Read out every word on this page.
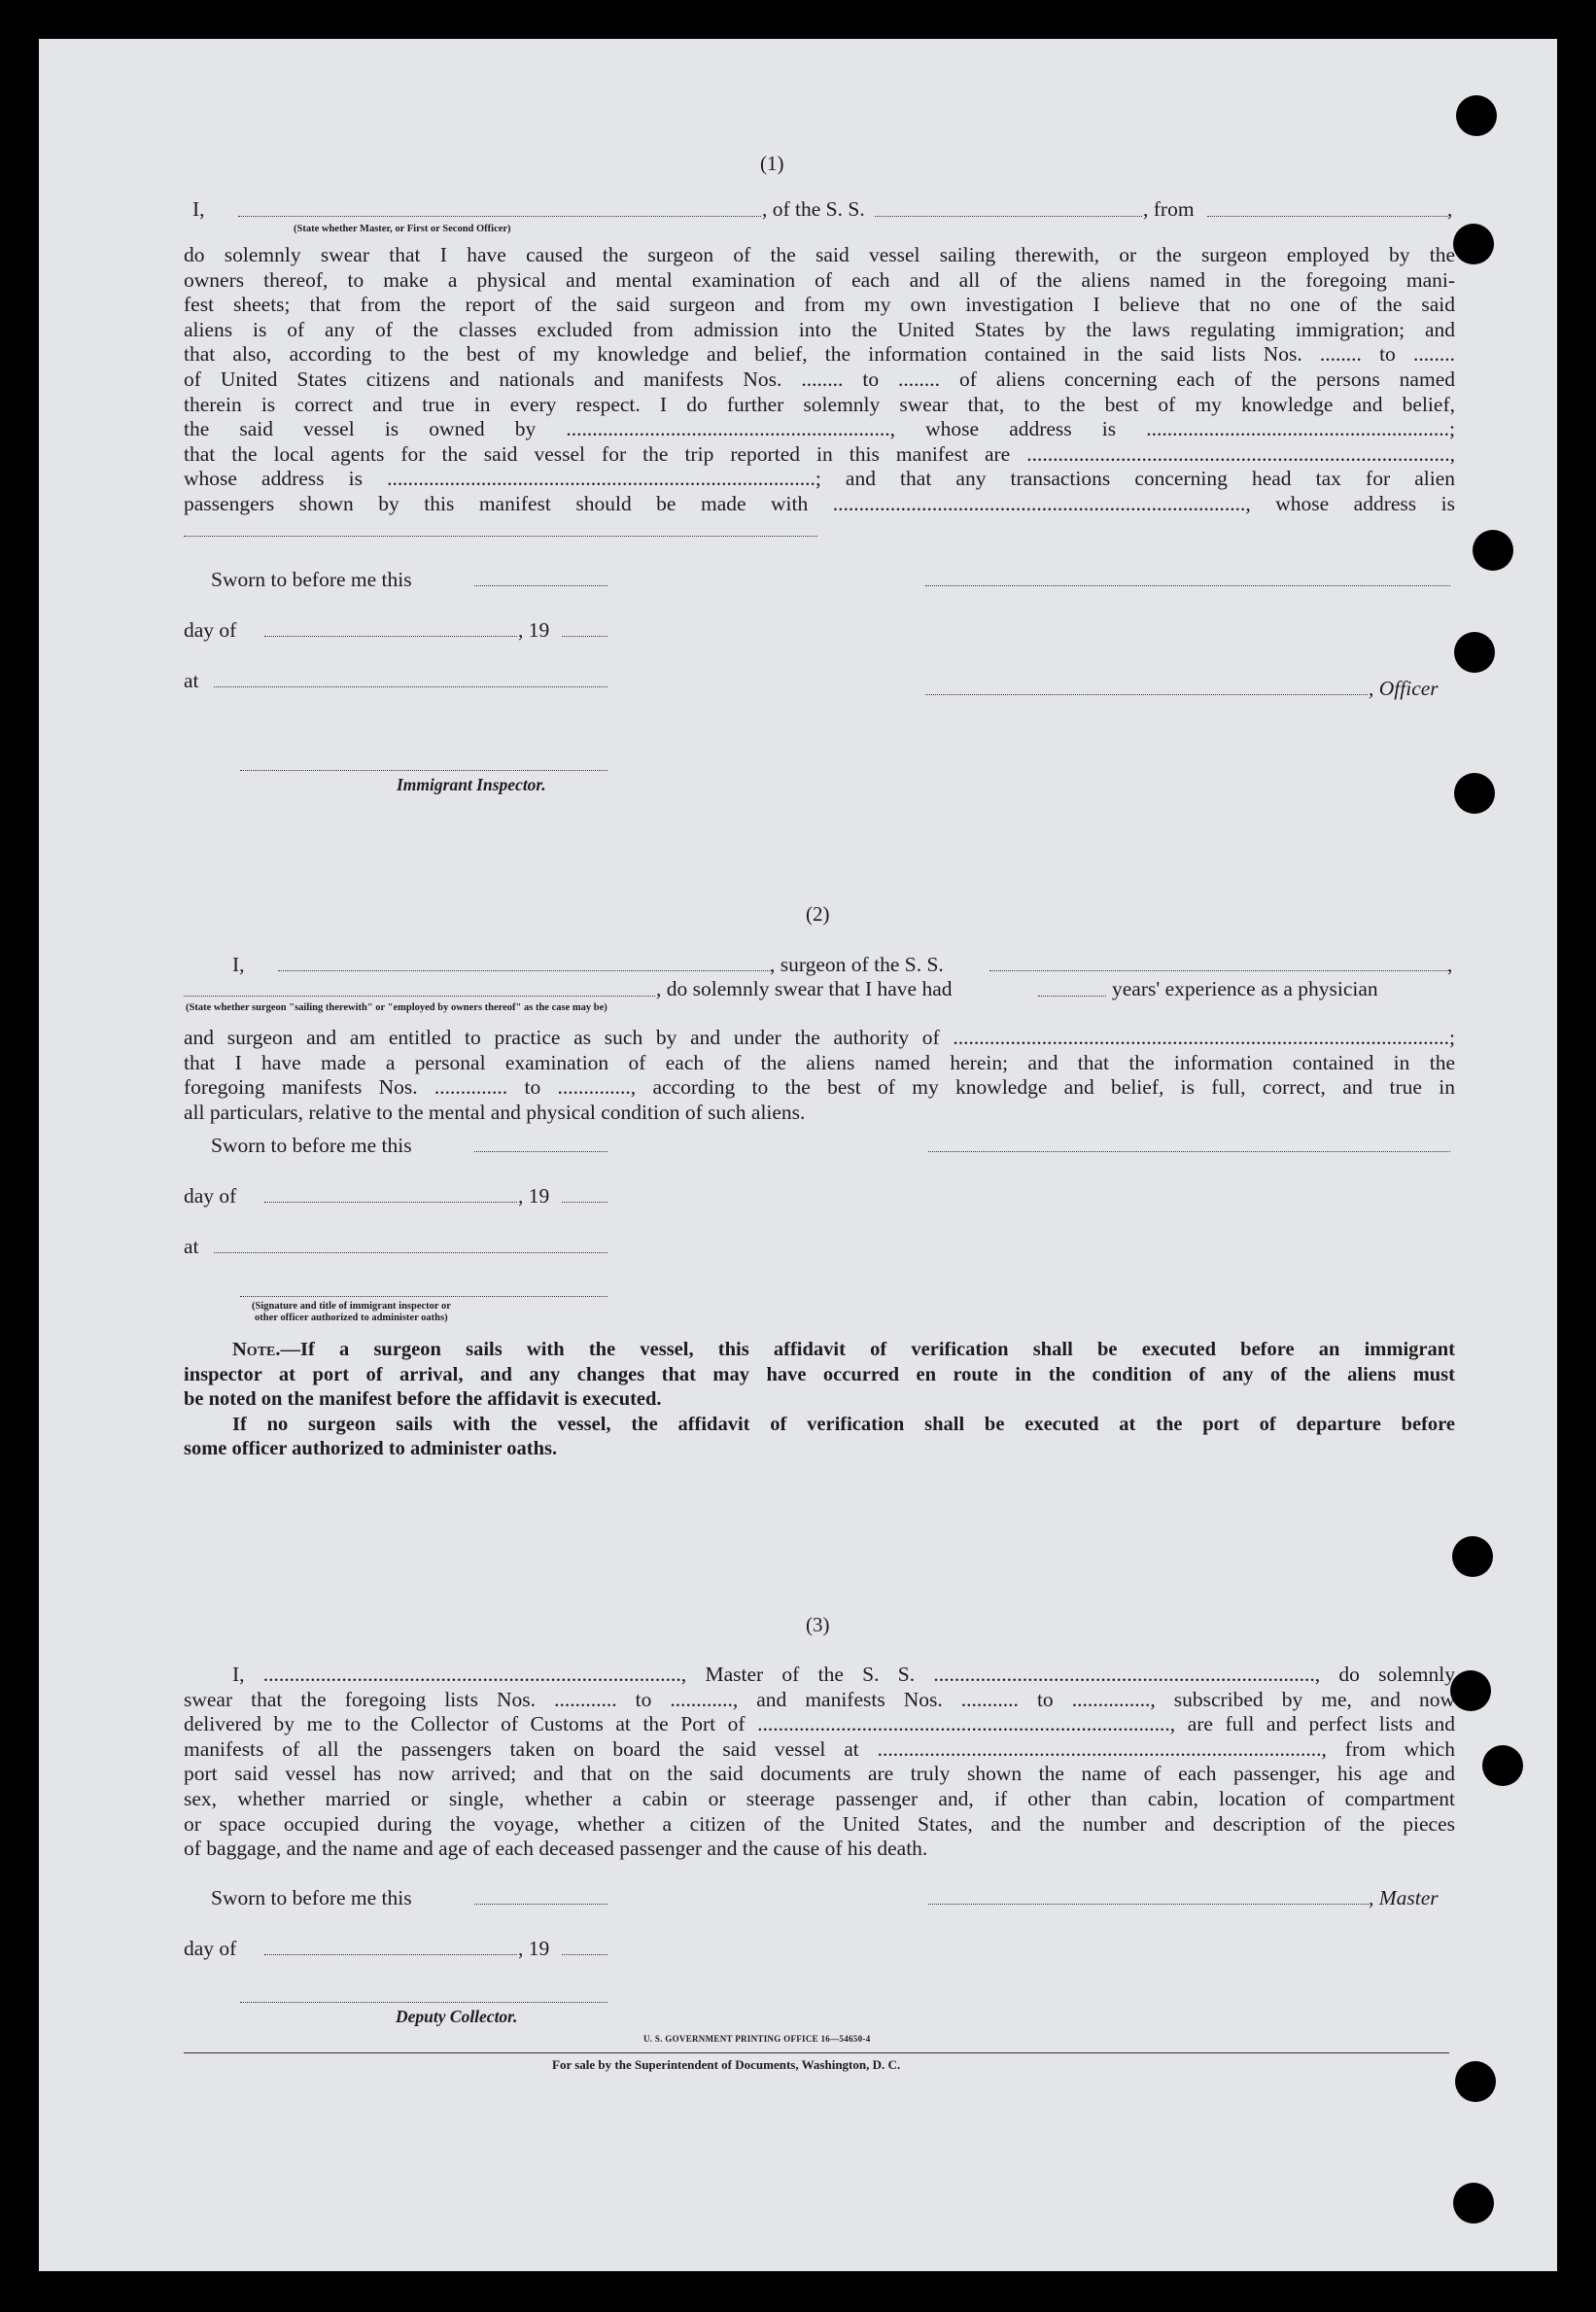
(1)
I,	, of the S. S.	, from	,
(State whether Master, or First or Second Officer)
do solemnly swear that I have caused the surgeon of the said vessel sailing therewith, or the surgeon employed by the
owners thereof, to make a physical and mental examination of each and all of the aliens named in the foregoing mani-
fest sheets; that from the report of the said surgeon and from my own investigation I believe that no one of the said
aliens is of any of the classes excluded from admission into the United States by the laws regulating immigration; and
that also, according to the best of my knowledge and belief, the information contained in the said lists Nos. ........ to ........
of United States citizens and nationals and manifests Nos. ........ to ........ of aliens concerning each of the persons named
therein is correct and true in every respect. I do further solemnly swear that, to the best of my knowledge and belief,
the said vessel is owned by .............................................................., whose address is ..........................................................;
that the local agents for the said vessel for the trip reported in this manifest are .................................................................................,
whose address is ..................................................................................; and that any transactions concerning head tax for alien
passengers shown by this manifest should be made with ..............................................................................., whose address is
Sworn to before me this
day of	, 19
, Officer
at
Immigrant Inspector.
(2)
I,	, surgeon of the S. S.	,
, do solemnly swear that I have had	years' experience as a physician
(State whether surgeon "sailing therewith" or "employed by owners thereof" as the case may be)
and surgeon and am entitled to practice as such by and under the authority of ...............................................................................................;
that I have made a personal examination of each of the aliens named herein; and that the information contained in the
foregoing manifests Nos. .............. to .............., according to the best of my knowledge and belief, is full, correct, and true in
all particulars, relative to the mental and physical condition of such aliens.
Sworn to before me this
day of	, 19
at
(Signature and title of immigrant inspector or
other officer authorized to administer oaths)
Note.—If a surgeon sails with the vessel, this affidavit of verification shall be executed before an immigrant
inspector at port of arrival, and any changes that may have occurred en route in the condition of any of the aliens must
be noted on the manifest before the affidavit is executed.
If no surgeon sails with the vessel, the affidavit of verification shall be executed at the port of departure before
some officer authorized to administer oaths.
(3)
I, ................................................................................, Master of the S. S. ........................................................................., do solemnly
swear that the foregoing lists Nos. ............ to ............, and manifests Nos. ........... to ..............., subscribed by me, and now
delivered by me to the Collector of Customs at the Port of ..............................................................................., are full and perfect lists and
manifests of all the passengers taken on board the said vessel at ....................................................................................., from which
port said vessel has now arrived; and that on the said documents are truly shown the name of each passenger, his age and
sex, whether married or single, whether a cabin or steerage passenger and, if other than cabin, location of compartment
or space occupied during the voyage, whether a citizen of the United States, and the number and description of the pieces
of baggage, and the name and age of each deceased passenger and the cause of his death.
Sworn to before me this	, Master
day of	, 19
Deputy Collector.
U. S. GOVERNMENT PRINTING OFFICE 16—54650-4
For sale by the Superintendent of Documents, Washington, D. C.
